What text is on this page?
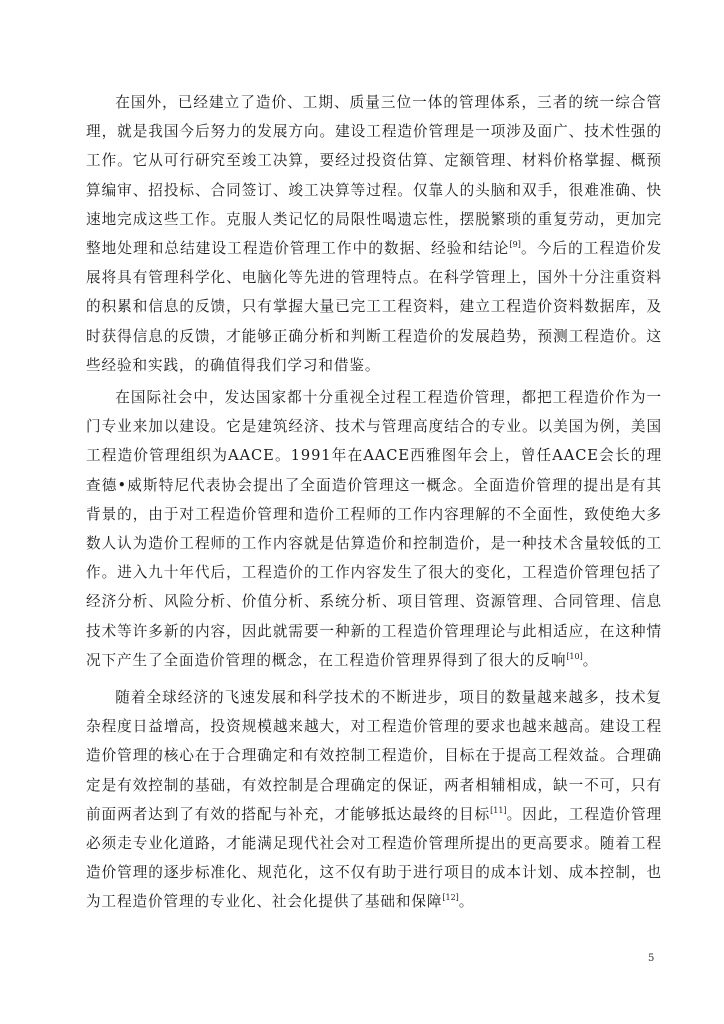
在国外，已经建立了造价、工期、质量三位一体的管理体系，三者的统一综合管理，就是我国今后努力的发展方向。建设工程造价管理是一项涉及面广、技术性强的工作。它从可行研究至竣工决算，要经过投资估算、定额管理、材料价格掌握、概预算编审、招投标、合同签订、竣工决算等过程。仅靠人的头脑和双手，很难准确、快速地完成这些工作。克服人类记忆的局限性喝遗忘性，摆脱繁琐的重复劳动，更加完整地处理和总结建设工程造价管理工作中的数据、经验和结论[9]。今后的工程造价发展将具有管理科学化、电脑化等先进的管理特点。在科学管理上，国外十分注重资料的积累和信息的反馈，只有掌握大量已完工工程资料，建立工程造价资料数据库，及时获得信息的反馈，才能够正确分析和判断工程造价的发展趋势，预测工程造价。这些经验和实践，的确值得我们学习和借鉴。

在国际社会中，发达国家都十分重视全过程工程造价管理，都把工程造价作为一门专业来加以建设。它是建筑经济、技术与管理高度结合的专业。以美国为例，美国工程造价管理组织为AACE。1991年在AACE西雅图年会上，曾任AACE会长的理查德•威斯特尼代表协会提出了全面造价管理这一概念。全面造价管理的提出是有其背景的，由于对工程造价管理和造价工程师的工作内容理解的不全面性，致使绝大多数人认为造价工程师的工作内容就是估算造价和控制造价，是一种技术含量较低的工作。进入九十年代后，工程造价的工作内容发生了很大的变化，工程造价管理包括了经济分析、风险分析、价值分析、系统分析、项目管理、资源管理、合同管理、信息技术等许多新的内容，因此就需要一种新的工程造价管理理论与此相适应，在这种情况下产生了全面造价管理的概念，在工程造价管理界得到了很大的反响[10]。

随着全球经济的飞速发展和科学技术的不断进步，项目的数量越来越多，技术复杂程度日益增高，投资规模越来越大，对工程造价管理的要求也越来越高。建设工程造价管理的核心在于合理确定和有效控制工程造价，目标在于提高工程效益。合理确定是有效控制的基础，有效控制是合理确定的保证，两者相辅相成，缺一不可，只有前面两者达到了有效的搭配与补充，才能够抵达最终的目标[11]。因此，工程造价管理必须走专业化道路，才能满足现代社会对工程造价管理所提出的更高要求。随着工程造价管理的逐步标准化、规范化，这不仅有助于进行项目的成本计划、成本控制，也为工程造价管理的专业化、社会化提供了基础和保障[12]。

5
